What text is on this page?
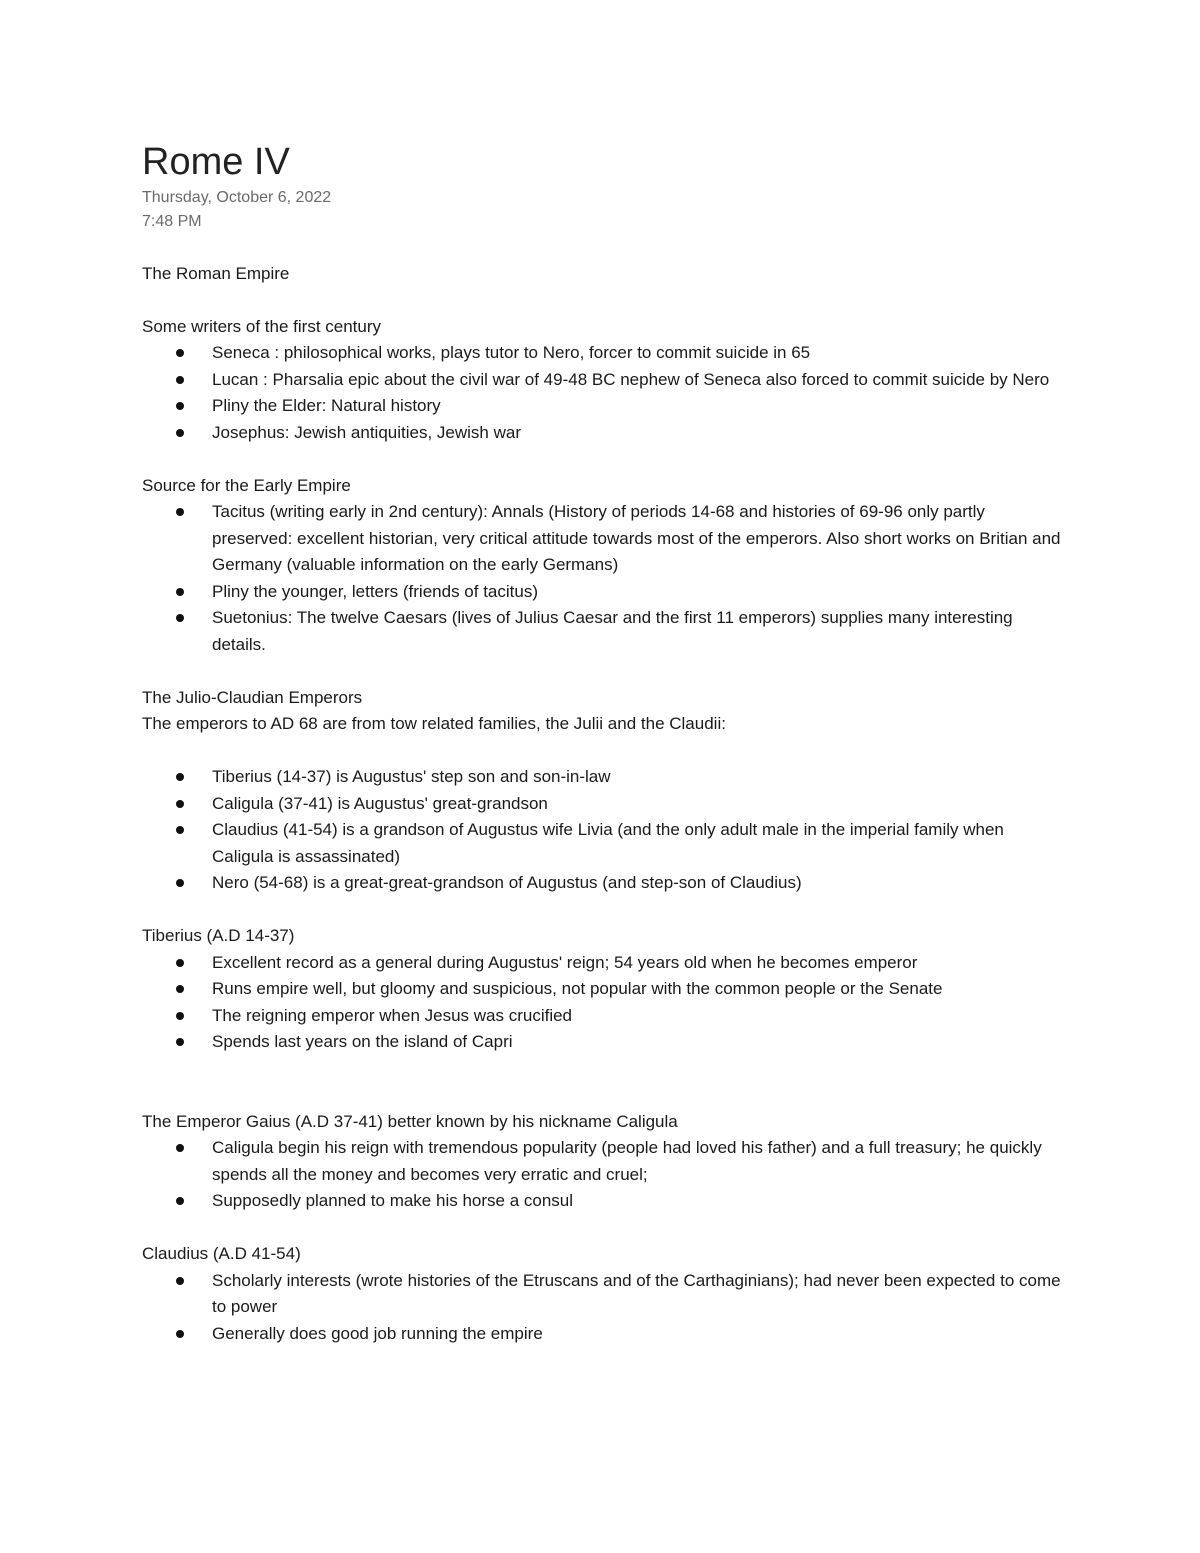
Rome IV
Thursday, October 6, 2022
7:48 PM

The Roman Empire

Some writers of the first century

Seneca : philosophical works, plays tutor to Nero, forcer to commit suicide in 65
Lucan : Pharsalia epic about the civil war of 49-48 BC nephew of Seneca also forced to commit suicide by Nero
Pliny the Elder: Natural history
Josephus: Jewish antiquities, Jewish war

Source for the Early Empire

Tacitus (writing early in 2nd century): Annals (History of periods 14-68 and histories of 69-96 only partly preserved: excellent historian, very critical attitude towards most of the emperors. Also short works on Britian and Germany (valuable information on the early Germans)
Pliny the younger, letters (friends of tacitus)
Suetonius: The twelve Caesars (lives of Julius Caesar and the first 11 emperors) supplies many interesting details.

The Julio-Claudian Emperors

The emperors to AD 68 are from tow related families, the Julii and the Claudii:

Tiberius (14-37) is Augustus' step son and son-in-law
Caligula (37-41) is Augustus' great-grandson
Claudius (41-54) is a grandson of Augustus wife Livia (and the only adult male in the imperial family when Caligula is assassinated)
Nero (54-68) is a great-great-grandson of Augustus (and step-son of Claudius)

Tiberius (A.D 14-37)

Excellent record as a general during Augustus' reign; 54 years old when he becomes emperor
Runs empire well, but gloomy and suspicious, not popular with the common people or the Senate
The reigning emperor when Jesus was crucified
Spends last years on the island of Capri

The Emperor Gaius (A.D 37-41) better known by his nickname Caligula

Caligula begin his reign with tremendous popularity (people had loved his father) and a full treasury; he quickly spends all the money and becomes very erratic and cruel;
Supposedly planned to make his horse a consul

Claudius (A.D 41-54)

Scholarly interests (wrote histories of the Etruscans and of the Carthaginians); had never been expected to come to power
Generally does good job running the empire
